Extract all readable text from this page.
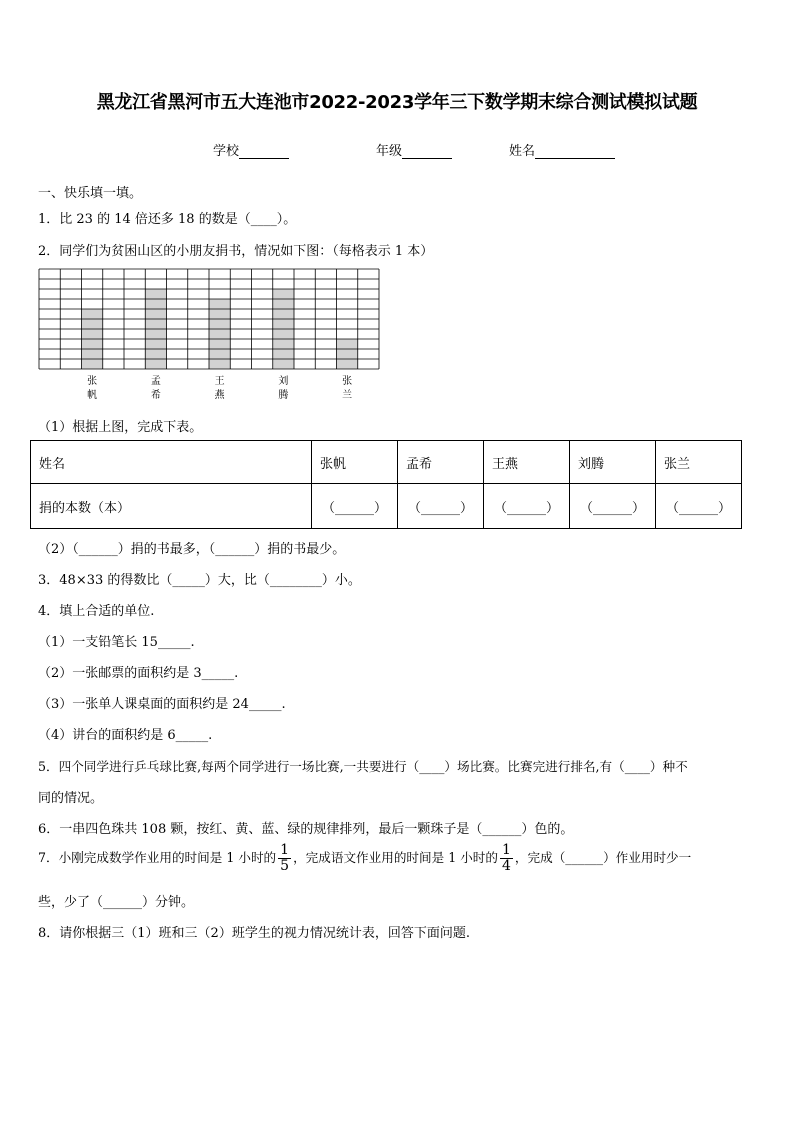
黑龙江省黑河市五大连池市2022-2023学年三下数学期末综合测试模拟试题
学校	年级	姓名
一、快乐填一填。
1．比 23 的 14 倍还多 18 的数是（____）。
2．同学们为贫困山区的小朋友捐书，情况如下图：（每格表示 1 本）
张
帆
孟
希
王
燕
刘
腾
张
兰
（1）根据上图，完成下表。
姓名	张帆	孟希	王燕	刘腾	张兰
捐的本数（本）	（______）	（______）	（______）	（______）	（______）
（2）（______）捐的书最多，（______）捐的书最少。
3．48×33 的得数比（_____）大，比（________）小。
4．填上合适的单位.
（1）一支铅笔长 15_____.
（2）一张邮票的面积约是 3_____.
（3）一张单人课桌面的面积约是 24_____.
（4）讲台的面积约是 6_____.
5．四个同学进行乒乓球比赛,每两个同学进行一场比赛,一共要进行（____）场比赛。比赛完进行排名,有（____）种不
同的情况。
6．一串四色珠共 108 颗，按红、黄、蓝、绿的规律排列，最后一颗珠子是（______）色的。
7．小刚完成数学作业用的时间是 1 小时的 $\frac{1}{5}$ ，完成语文作业用的时间是 1 小时的 $\frac{1}{4}$ ，完成（______）作业用时少一
些，少了（______）分钟。
8．请你根据三（1）班和三（2）班学生的视力情况统计表，回答下面问题.
